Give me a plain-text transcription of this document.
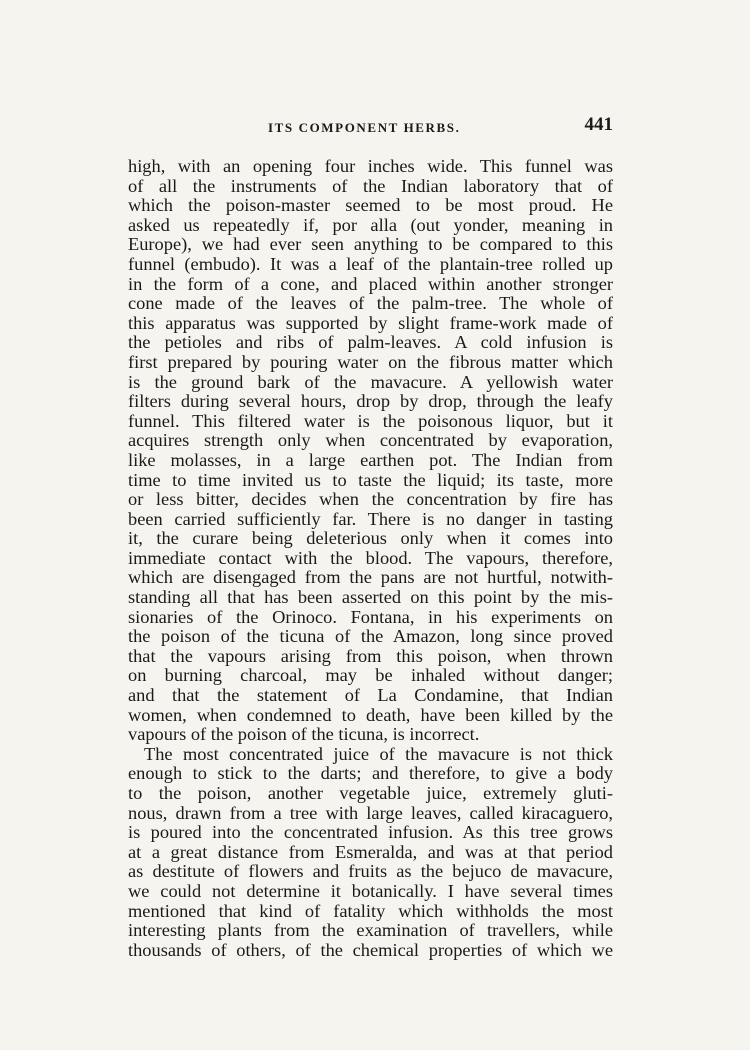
ITS COMPONENT HERBS.	441
high, with an opening four inches wide. This funnel was
of all the instruments of the Indian laboratory that of
which the poison-master seemed to be most proud. He
asked us repeatedly if, por alla (out yonder, meaning in
Europe), we had ever seen anything to be compared to this
funnel (embudo). It was a leaf of the plantain-tree rolled up
in the form of a cone, and placed within another stronger
cone made of the leaves of the palm-tree. The whole of
this apparatus was supported by slight frame-work made of
the petioles and ribs of palm-leaves. A cold infusion is
first prepared by pouring water on the fibrous matter which
is the ground bark of the mavacure. A yellowish water
filters during several hours, drop by drop, through the leafy
funnel. This filtered water is the poisonous liquor, but it
acquires strength only when concentrated by evaporation,
like molasses, in a large earthen pot. The Indian from
time to time invited us to taste the liquid; its taste, more
or less bitter, decides when the concentration by fire has
been carried sufficiently far. There is no danger in tasting
it, the curare being deleterious only when it comes into
immediate contact with the blood. The vapours, therefore,
which are disengaged from the pans are not hurtful, notwith-
standing all that has been asserted on this point by the mis-
sionaries of the Orinoco. Fontana, in his experiments on
the poison of the ticuna of the Amazon, long since proved
that the vapours arising from this poison, when thrown
on burning charcoal, may be inhaled without danger;
and that the statement of La Condamine, that Indian
women, when condemned to death, have been killed by the
vapours of the poison of the ticuna, is incorrect.
The most concentrated juice of the mavacure is not thick
enough to stick to the darts; and therefore, to give a body
to the poison, another vegetable juice, extremely gluti-
nous, drawn from a tree with large leaves, called kiracaguero,
is poured into the concentrated infusion. As this tree grows
at a great distance from Esmeralda, and was at that period
as destitute of flowers and fruits as the bejuco de mavacure,
we could not determine it botanically. I have several times
mentioned that kind of fatality which withholds the most
interesting plants from the examination of travellers, while
thousands of others, of the chemical properties of which we
